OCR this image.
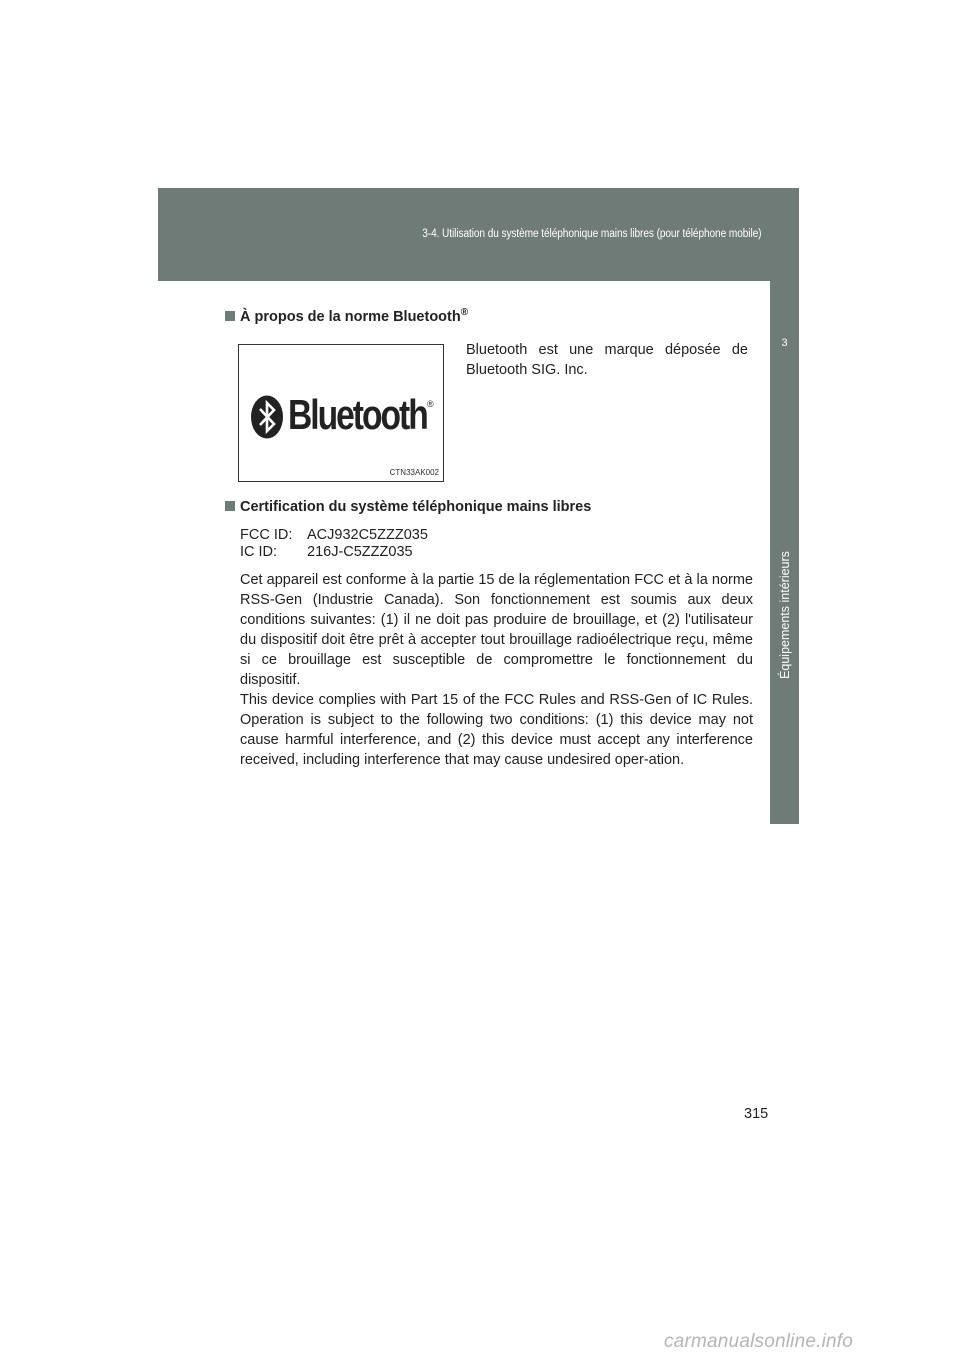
3-4. Utilisation du système téléphonique mains libres (pour téléphone mobile)
3
Équipements intérieurs
À propos de la norme Bluetooth®
Bluetooth ®
CTN33AK002
Bluetooth est une marque déposée de Bluetooth SIG. Inc.
Certification du système téléphonique mains libres
FCC ID: ACJ932C5ZZZ035
IC ID: 216J-C5ZZZ035
Cet appareil est conforme à la partie 15 de la réglementation FCC et à la norme RSS-Gen (Industrie Canada). Son fonctionnement est soumis aux deux conditions suivantes: (1) il ne doit pas produire de brouillage, et (2) l'utilisateur du dispositif doit être prêt à accepter tout brouillage radioélectrique reçu, même si ce brouillage est susceptible de compromettre le fonctionnement du dispositif.
This device complies with Part 15 of the FCC Rules and RSS-Gen of IC Rules. Operation is subject to the following two conditions: (1) this device may not cause harmful interference, and (2) this device must accept any interference received, including interference that may cause undesired oper-ation.
315
carmanualsonline.info
